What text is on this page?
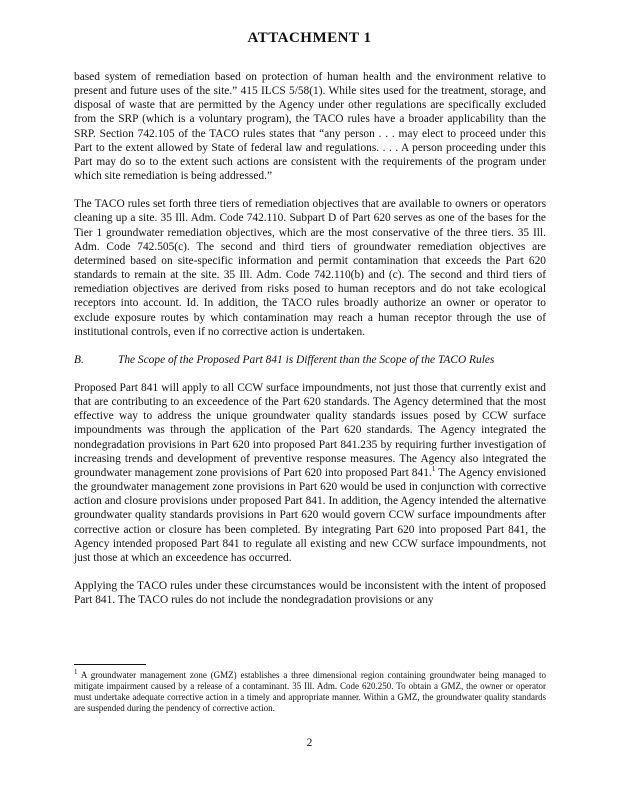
ATTACHMENT 1

based system of remediation based on protection of human health and the environment relative to present and future uses of the site.” 415 ILCS 5/58(1). While sites used for the treatment, storage, and disposal of waste that are permitted by the Agency under other regulations are specifically excluded from the SRP (which is a voluntary program), the TACO rules have a broader applicability than the SRP. Section 742.105 of the TACO rules states that “any person . . . may elect to proceed under this Part to the extent allowed by State of federal law and regulations. . . . A person proceeding under this Part may do so to the extent such actions are consistent with the requirements of the program under which site remediation is being addressed.”

The TACO rules set forth three tiers of remediation objectives that are available to owners or operators cleaning up a site. 35 Ill. Adm. Code 742.110. Subpart D of Part 620 serves as one of the bases for the Tier 1 groundwater remediation objectives, which are the most conservative of the three tiers. 35 Ill. Adm. Code 742.505(c). The second and third tiers of groundwater remediation objectives are determined based on site-specific information and permit contamination that exceeds the Part 620 standards to remain at the site. 35 Ill. Adm. Code 742.110(b) and (c). The second and third tiers of remediation objectives are derived from risks posed to human receptors and do not take ecological receptors into account. Id. In addition, the TACO rules broadly authorize an owner or operator to exclude exposure routes by which contamination may reach a human receptor through the use of institutional controls, even if no corrective action is undertaken.

B.	The Scope of the Proposed Part 841 is Different than the Scope of the TACO Rules

Proposed Part 841 will apply to all CCW surface impoundments, not just those that currently exist and that are contributing to an exceedence of the Part 620 standards. The Agency determined that the most effective way to address the unique groundwater quality standards issues posed by CCW surface impoundments was through the application of the Part 620 standards. The Agency integrated the nondegradation provisions in Part 620 into proposed Part 841.235 by requiring further investigation of increasing trends and development of preventive response measures. The Agency also integrated the groundwater management zone provisions of Part 620 into proposed Part 841.$^1$ The Agency envisioned the groundwater management zone provisions in Part 620 would be used in conjunction with corrective action and closure provisions under proposed Part 841. In addition, the Agency intended the alternative groundwater quality standards provisions in Part 620 would govern CCW surface impoundments after corrective action or closure has been completed. By integrating Part 620 into proposed Part 841, the Agency intended proposed Part 841 to regulate all existing and new CCW surface impoundments, not just those at which an exceedence has occurred.

Applying the TACO rules under these circumstances would be inconsistent with the intent of proposed Part 841. The TACO rules do not include the nondegradation provisions or any

$^1$ A groundwater management zone (GMZ) establishes a three dimensional region containing groundwater being managed to mitigate impairment caused by a release of a contaminant. 35 Ill. Adm. Code 620.250. To obtain a GMZ, the owner or operator must undertake adequate corrective action in a timely and appropriate manner. Within a GMZ, the groundwater quality standards are suspended during the pendency of corrective action.
2
